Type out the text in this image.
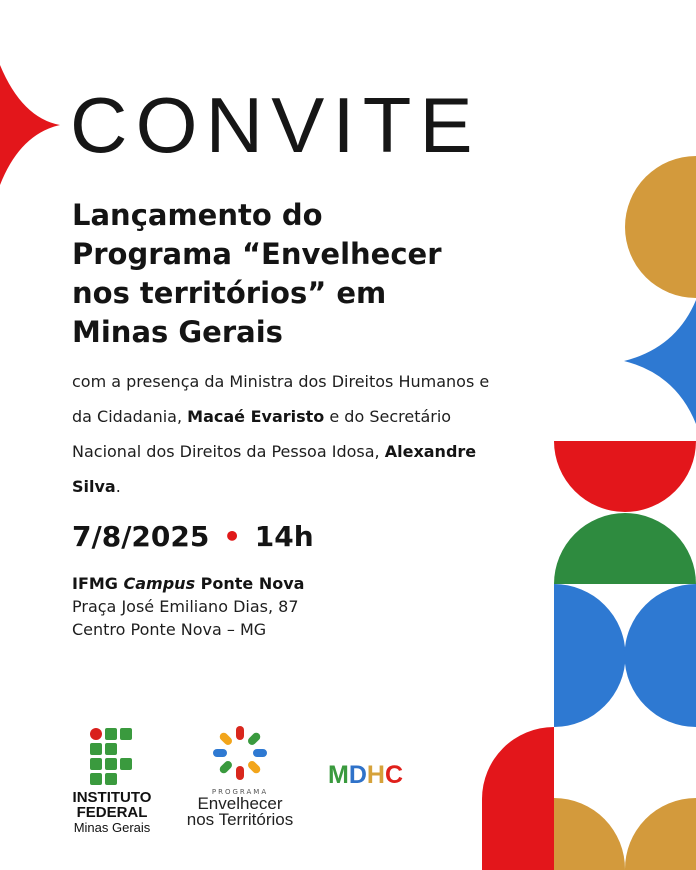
CONVITE
Lançamento do Programa “Envelhecer nos territórios” em Minas Gerais
com a presença da Ministra dos Direitos Humanos e da Cidadania, Macaé Evaristo e do Secretário Nacional dos Direitos da Pessoa Idosa, Alexandre Silva.
7/8/2025 • 14h
IFMG Campus Ponte Nova
Praça José Emiliano Dias, 87
Centro Ponte Nova – MG
INSTITUTO
FEDERAL
Minas Gerais
PROGRAMA
Envelhecer
nos Territórios
MDHC
